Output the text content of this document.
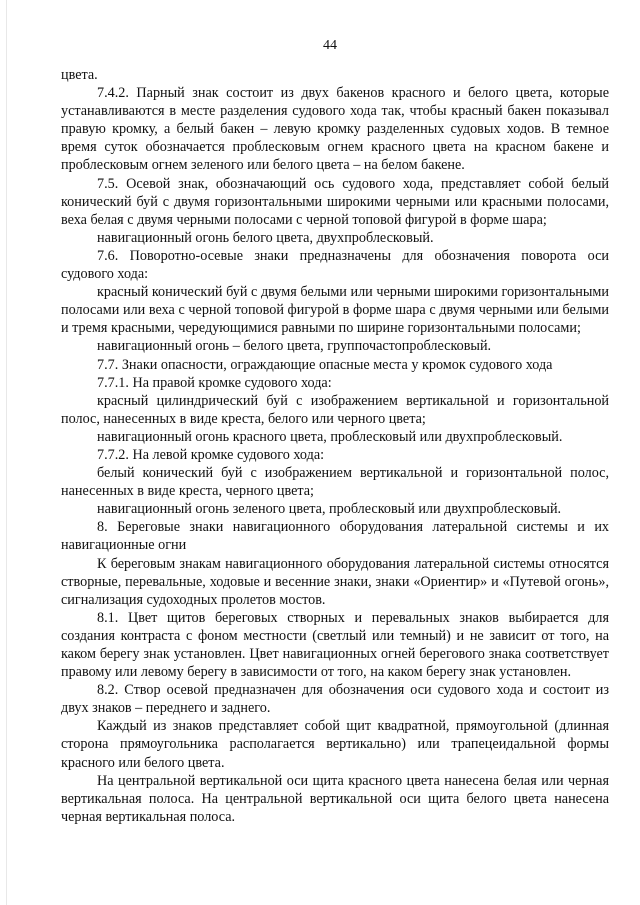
44

цвета.

7.4.2. Парный знак состоит из двух бакенов красного и белого цвета, которые устанавливаются в месте разделения судового хода так, чтобы красный бакен показывал правую кромку, а белый бакен – левую кромку разделенных судовых ходов. В темное время суток обозначается проблесковым огнем красного цвета на красном бакене и проблесковым огнем зеленого или белого цвета – на белом бакене.

7.5. Осевой знак, обозначающий ось судового хода, представляет собой белый конический буй с двумя горизонтальными широкими черными или красными полосами, веха белая с двумя черными полосами с черной топовой фигурой в форме шара;

навигационный огонь белого цвета, двухпроблесковый.

7.6. Поворотно-осевые знаки предназначены для обозначения поворота оси судового хода:

красный конический буй с двумя белыми или черными широкими горизонтальными полосами или веха с черной топовой фигурой в форме шара с двумя черными или белыми и тремя красными, чередующимися равными по ширине горизонтальными полосами;

навигационный огонь – белого цвета, группочастопроблесковый.

7.7. Знаки опасности, ограждающие опасные места у кромок судового хода

7.7.1. На правой кромке судового хода:

красный цилиндрический буй с изображением вертикальной и горизонтальной полос, нанесенных в виде креста, белого или черного цвета;

навигационный огонь красного цвета, проблесковый или двухпроблесковый.

7.7.2. На левой кромке судового хода:

белый конический буй с изображением вертикальной и горизонтальной полос, нанесенных в виде креста, черного цвета;

навигационный огонь зеленого цвета, проблесковый или двухпроблесковый.

8. Береговые знаки навигационного оборудования латеральной системы и их навигационные огни

К береговым знакам навигационного оборудования латеральной системы относятся створные, перевальные, ходовые и весенние знаки, знаки «Ориентир» и «Путевой огонь», сигнализация судоходных пролетов мостов.

8.1. Цвет щитов береговых створных и перевальных знаков выбирается для создания контраста с фоном местности (светлый или темный) и не зависит от того, на каком берегу знак установлен. Цвет навигационных огней берегового знака соответствует правому или левому берегу в зависимости от того, на каком берегу знак установлен.

8.2. Створ осевой предназначен для обозначения оси судового хода и состоит из двух знаков – переднего и заднего.

Каждый из знаков представляет собой щит квадратной, прямоугольной (длинная сторона прямоугольника располагается вертикально) или трапецеидальной формы красного или белого цвета.

На центральной вертикальной оси щита красного цвета нанесена белая или черная вертикальная полоса. На центральной вертикальной оси щита белого цвета нанесена черная вертикальная полоса.
